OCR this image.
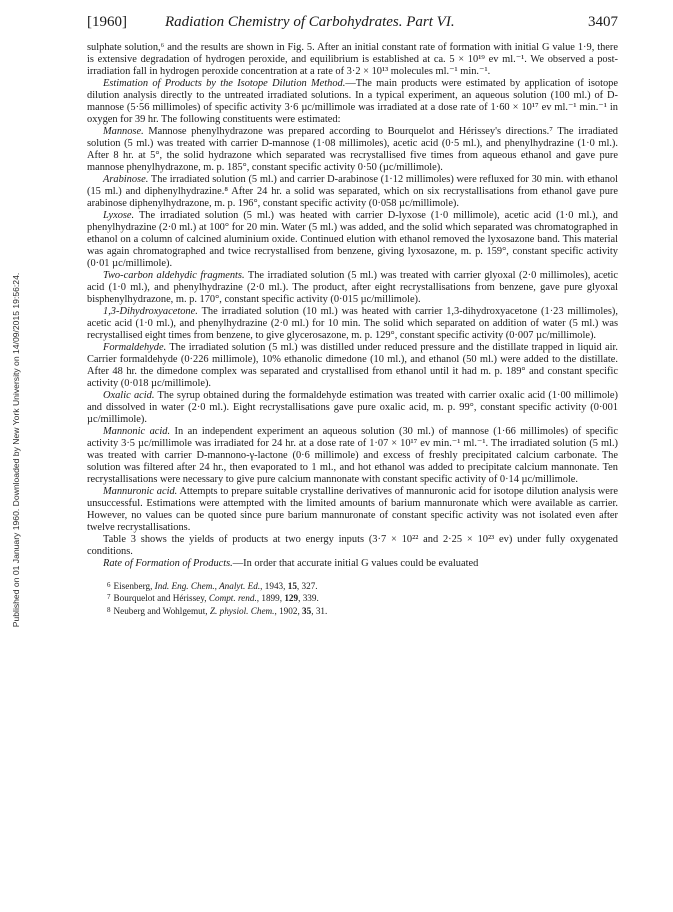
Published on 01 January 1960. Downloaded by New York University on 14/09/2015 19:56:24.
[1960]	Radiation Chemistry of Carbohydrates. Part VI.	3407

sulphate solution,⁶ and the results are shown in Fig. 5. After an initial constant rate of formation with initial G value 1·9, there is extensive degradation of hydrogen peroxide, and equilibrium is established at ca. 5 × 10¹⁹ ev ml.⁻¹. We observed a post-irradiation fall in hydrogen peroxide concentration at a rate of 3·2 × 10¹³ molecules ml.⁻¹ min.⁻¹.

Estimation of Products by the Isotope Dilution Method.—The main products were estimated by application of isotope dilution analysis directly to the untreated irradiated solutions. In a typical experiment, an aqueous solution (100 ml.) of D-mannose (5·56 millimoles) of specific activity 3·6 µc/millimole was irradiated at a dose rate of 1·60 × 10¹⁷ ev ml.⁻¹ min.⁻¹ in oxygen for 39 hr. The following constituents were estimated:

Mannose. Mannose phenylhydrazone was prepared according to Bourquelot and Hérissey's directions.⁷ The irradiated solution (5 ml.) was treated with carrier D-mannose (1·08 millimoles), acetic acid (0·5 ml.), and phenylhydrazine (1·0 ml.). After 8 hr. at 5°, the solid hydrazone which separated was recrystallised five times from aqueous ethanol and gave pure mannose phenylhydrazone, m. p. 185°, constant specific activity 0·50 (µc/millimole).

Arabinose. The irradiated solution (5 ml.) and carrier D-arabinose (1·12 millimoles) were refluxed for 30 min. with ethanol (15 ml.) and diphenylhydrazine.⁸ After 24 hr. a solid was separated, which on six recrystallisations from ethanol gave pure arabinose diphenylhydrazone, m. p. 196°, constant specific activity (0·058 µc/millimole).

Lyxose. The irradiated solution (5 ml.) was heated with carrier D-lyxose (1·0 millimole), acetic acid (1·0 ml.), and phenylhydrazine (2·0 ml.) at 100° for 20 min. Water (5 ml.) was added, and the solid which separated was chromatographed in ethanol on a column of calcined aluminium oxide. Continued elution with ethanol removed the lyxosazone band. This material was again chromatographed and twice recrystallised from benzene, giving lyxosazone, m. p. 159°, constant specific activity (0·01 µc/millimole).

Two-carbon aldehydic fragments. The irradiated solution (5 ml.) was treated with carrier glyoxal (2·0 millimoles), acetic acid (1·0 ml.), and phenylhydrazine (2·0 ml.). The product, after eight recrystallisations from benzene, gave pure glyoxal bisphenylhydrazone, m. p. 170°, constant specific activity (0·015 µc/millimole).

1,3-Dihydroxyacetone. The irradiated solution (10 ml.) was heated with carrier 1,3-dihydroxyacetone (1·23 millimoles), acetic acid (1·0 ml.), and phenylhydrazine (2·0 ml.) for 10 min. The solid which separated on addition of water (5 ml.) was recrystallised eight times from benzene, to give glycerosazone, m. p. 129°, constant specific activity (0·007 µc/millimole).

Formaldehyde. The irradiated solution (5 ml.) was distilled under reduced pressure and the distillate trapped in liquid air. Carrier formaldehyde (0·226 millimole), 10% ethanolic dimedone (10 ml.), and ethanol (50 ml.) were added to the distillate. After 48 hr. the dimedone complex was separated and crystallised from ethanol until it had m. p. 189° and constant specific activity (0·018 µc/millimole).

Oxalic acid. The syrup obtained during the formaldehyde estimation was treated with carrier oxalic acid (1·00 millimole) and dissolved in water (2·0 ml.). Eight recrystallisations gave pure oxalic acid, m. p. 99°, constant specific activity (0·001 µc/millimole).

Mannonic acid. In an independent experiment an aqueous solution (30 ml.) of mannose (1·66 millimoles) of specific activity 3·5 µc/millimole was irradiated for 24 hr. at a dose rate of 1·07 × 10¹⁷ ev min.⁻¹ ml.⁻¹. The irradiated solution (5 ml.) was treated with carrier D-mannono-γ-lactone (0·6 millimole) and excess of freshly precipitated calcium carbonate. The solution was filtered after 24 hr., then evaporated to 1 ml., and hot ethanol was added to precipitate calcium mannonate. Ten recrystallisations were necessary to give pure calcium mannonate with constant specific activity of 0·14 µc/millimole.

Mannuronic acid. Attempts to prepare suitable crystalline derivatives of mannuronic acid for isotope dilution analysis were unsuccessful. Estimations were attempted with the limited amounts of barium mannuronate which were available as carrier. However, no values can be quoted since pure barium mannuronate of constant specific activity was not isolated even after twelve recrystallisations.

Table 3 shows the yields of products at two energy inputs (3·7 × 10²² and 2·25 × 10²³ ev) under fully oxygenated conditions.

Rate of Formation of Products.—In order that accurate initial G values could be evaluated

$^6$ Eisenberg, Ind. Eng. Chem., Analyt. Ed., 1943, 15, 327.
$^7$ Bourquelot and Hérissey, Compt. rend., 1899, 129, 339.
$^8$ Neuberg and Wohlgemut, Z. physiol. Chem., 1902, 35, 31.
